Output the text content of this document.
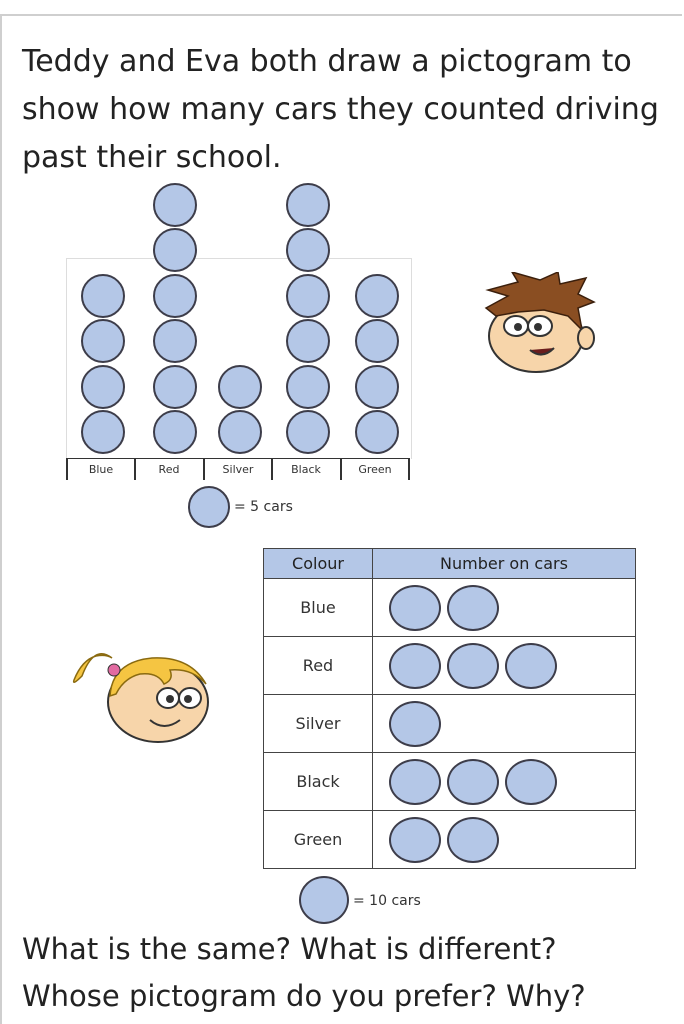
Teddy and Eva both draw a pictogram to show how many cars they counted driving past their school.
Blue	Red	Silver	Black	Green
= 5 cars
Colour	Number on cars
Blue	

Red	

Silver	

Black	

Green	
= 10 cars
What is the same? What is different?
Whose pictogram do you prefer? Why?
